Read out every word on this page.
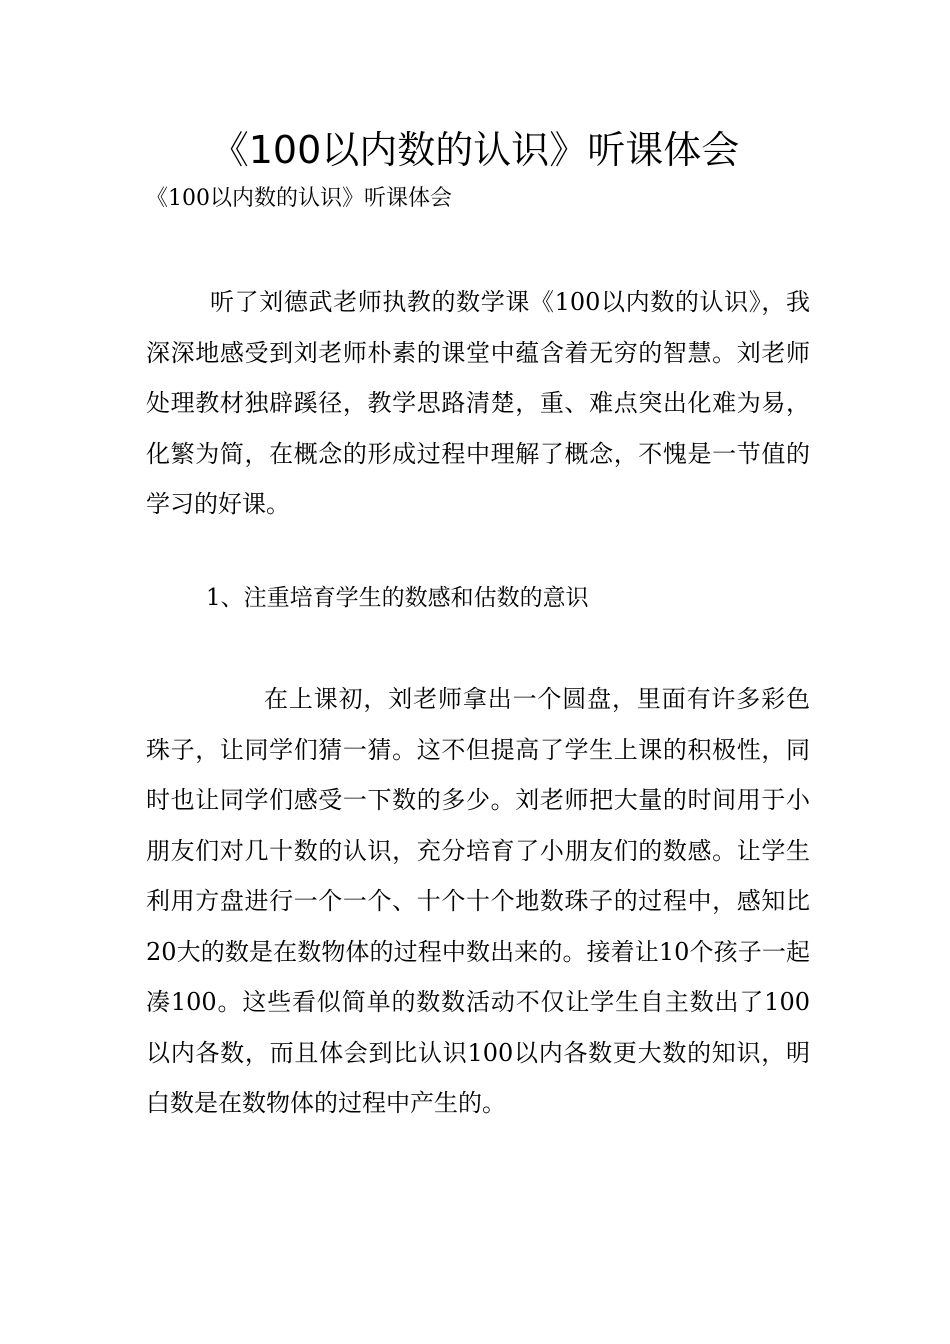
《100以内数的认识》听课体会

《100以内数的认识》听课体会

听了刘德武老师执教的数学课《100以内数的认识》，我深深地感受到刘老师朴素的课堂中蕴含着无穷的智慧。刘老师处理教材独辟蹊径，教学思路清楚，重、难点突出化难为易，化繁为简，在概念的形成过程中理解了概念，不愧是一节值的学习的好课。

1、注重培育学生的数感和估数的意识

在上课初，刘老师拿出一个圆盘，里面有许多彩色珠子，让同学们猜一猜。这不但提高了学生上课的积极性，同时也让同学们感受一下数的多少。刘老师把大量的时间用于小朋友们对几十数的认识，充分培育了小朋友们的数感。让学生利用方盘进行一个一个、十个十个地数珠子的过程中，感知比20大的数是在数物体的过程中数出来的。接着让10个孩子一起凑100。这些看似简单的数数活动不仅让学生自主数出了100以内各数，而且体会到比认识100以内各数更大数的知识，明白数是在数物体的过程中产生的。
